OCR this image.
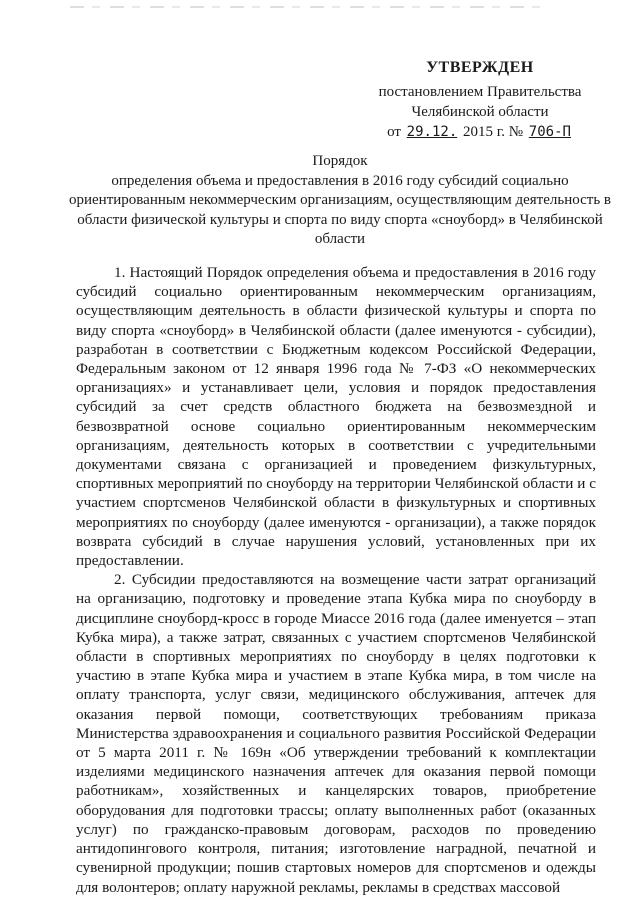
УТВЕРЖДЕН
постановлением Правительства
Челябинской области
от 29.12. 2015 г. № 706-П
Порядок
определения объема и предоставления в 2016 году субсидий социально ориентированным некоммерческим организациям, осуществляющим деятельность в области физической культуры и спорта по виду спорта «сноуборд» в Челябинской области

1. Настоящий Порядок определения объема и предоставления в 2016 году субсидий социально ориентированным некоммерческим организациям, осуществляющим деятельность в области физической культуры и спорта по виду спорта «сноуборд» в Челябинской области (далее именуются - субсидии), разработан в соответствии с Бюджетным кодексом Российской Федерации, Федеральным законом от 12 января 1996 года № 7-ФЗ «О некоммерческих организациях» и устанавливает цели, условия и порядок предоставления субсидий за счет средств областного бюджета на безвозмездной и безвозвратной основе социально ориентированным некоммерческим организациям, деятельность которых в соответствии с учредительными документами связана с организацией и проведением физкультурных, спортивных мероприятий по сноуборду на территории Челябинской области и с участием спортсменов Челябинской области в физкультурных и спортивных мероприятиях по сноуборду (далее именуются - организации), а также порядок возврата субсидий в случае нарушения условий, установленных при их предоставлении.

2. Субсидии предоставляются на возмещение части затрат организаций на организацию, подготовку и проведение этапа Кубка мира по сноуборду в дисциплине сноуборд-кросс в городе Миассе 2016 года (далее именуется – этап Кубка мира), а также затрат, связанных с участием спортсменов Челябинской области в спортивных мероприятиях по сноуборду в целях подготовки к участию в этапе Кубка мира и участием в этапе Кубка мира, в том числе на оплату транспорта, услуг связи, медицинского обслуживания, аптечек для оказания первой помощи, соответствующих требованиям приказа Министерства здравоохранения и социального развития Российской Федерации от 5 марта 2011 г. № 169н «Об утверждении требований к комплектации изделиями медицинского назначения аптечек для оказания первой помощи работникам», хозяйственных и канцелярских товаров, приобретение оборудования для подготовки трассы; оплату выполненных работ (оказанных услуг) по гражданско-правовым договорам, расходов по проведению антидопингового контроля, питания; изготовление наградной, печатной и сувенирной продукции; пошив стартовых номеров для спортсменов и одежды для волонтеров; оплату наружной рекламы, рекламы в средствах массовой
